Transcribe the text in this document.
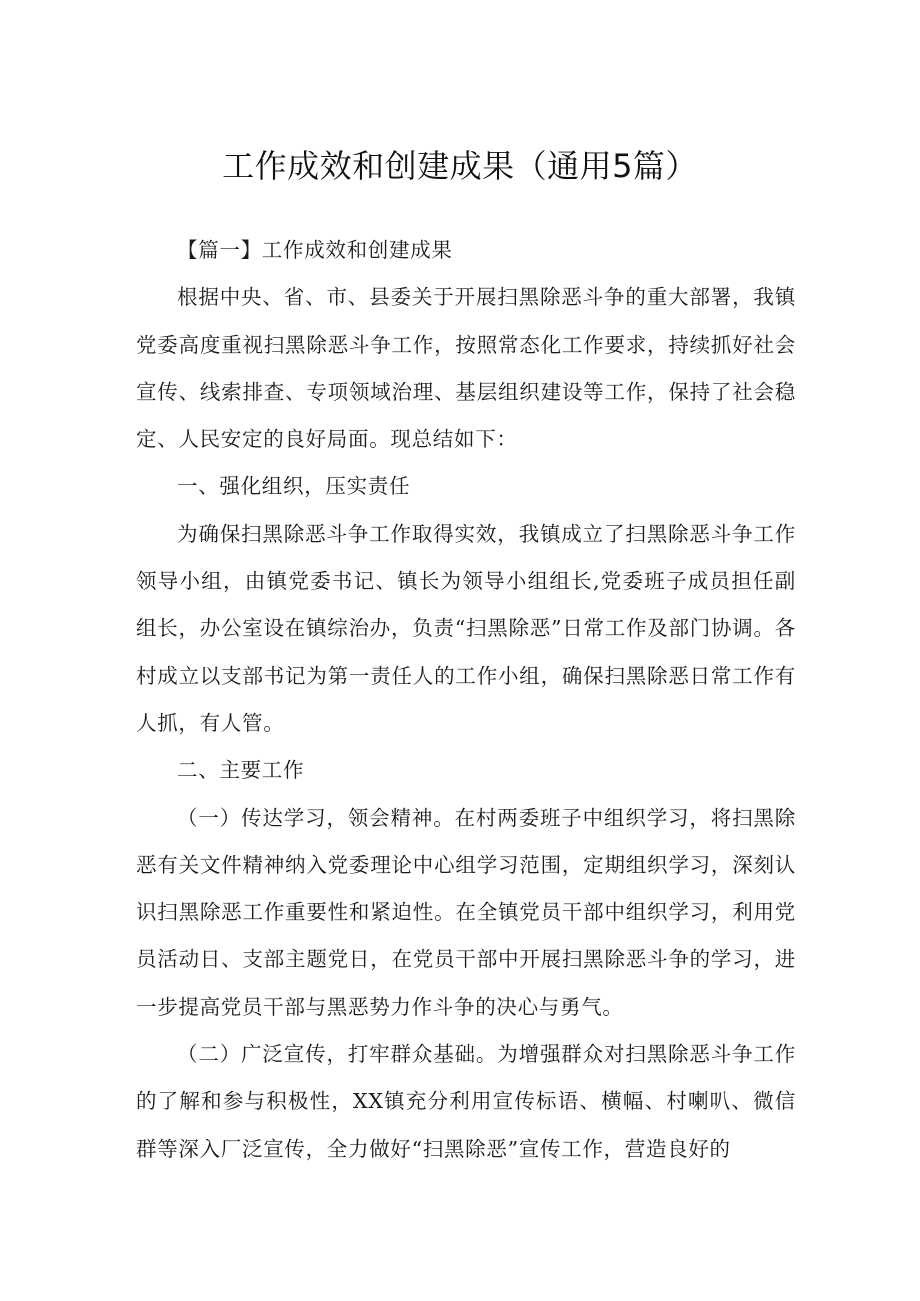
工作成效和创建成果（通用5篇）

【篇一】工作成效和创建成果

根据中央、省、市、县委关于开展扫黑除恶斗争的重大部署，我镇党委高度重视扫黑除恶斗争工作，按照常态化工作要求，持续抓好社会宣传、线索排查、专项领域治理、基层组织建设等工作，保持了社会稳定、人民安定的良好局面。现总结如下：

一、强化组织，压实责任

为确保扫黑除恶斗争工作取得实效，我镇成立了扫黑除恶斗争工作领导小组，由镇党委书记、镇长为领导小组组长,党委班子成员担任副组长，办公室设在镇综治办，负责“扫黑除恶”日常工作及部门协调。各村成立以支部书记为第一责任人的工作小组，确保扫黑除恶日常工作有人抓，有人管。

二、主要工作

（一）传达学习，领会精神。在村两委班子中组织学习，将扫黑除恶有关文件精神纳入党委理论中心组学习范围，定期组织学习，深刻认识扫黑除恶工作重要性和紧迫性。在全镇党员干部中组织学习，利用党员活动日、支部主题党日，在党员干部中开展扫黑除恶斗争的学习，进一步提高党员干部与黑恶势力作斗争的决心与勇气。

（二）广泛宣传，打牢群众基础。为增强群众对扫黑除恶斗争工作的了解和参与积极性，XX镇充分利用宣传标语、横幅、村喇叭、微信群等深入厂泛宣传，全力做好“扫黑除恶”宣传工作，营造良好的
